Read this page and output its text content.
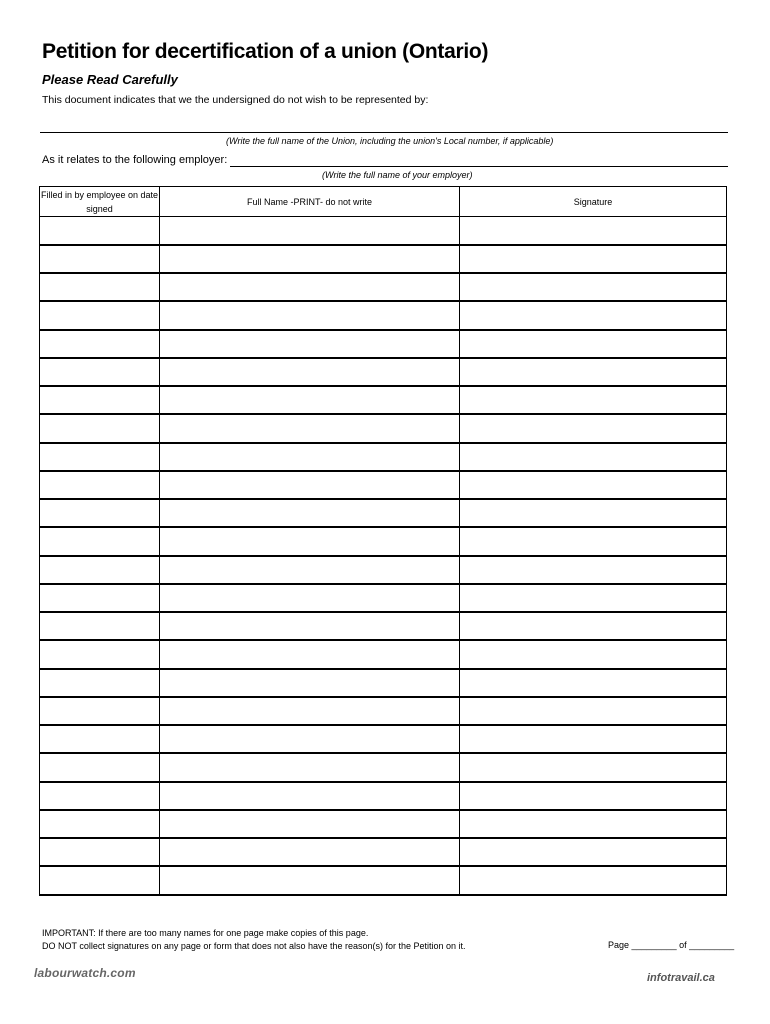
Petition for decertification of a union (Ontario)
Please Read Carefully
This document indicates that we the undersigned do not wish to be represented by:
(Write the full name of the Union, including the union's Local number, if applicable)
As it relates to the following employer:
(Write the full name of your employer)
Filled in by employee on date signed	Full Name -PRINT- do not write	Signature

IMPORTANT: If there are too many names for one page make copies of this page.
DO NOT collect signatures on any page or form that does not also have the reason(s) for the Petition on it.	Page _________ of _________
labourwatch.com	infotravail.ca
